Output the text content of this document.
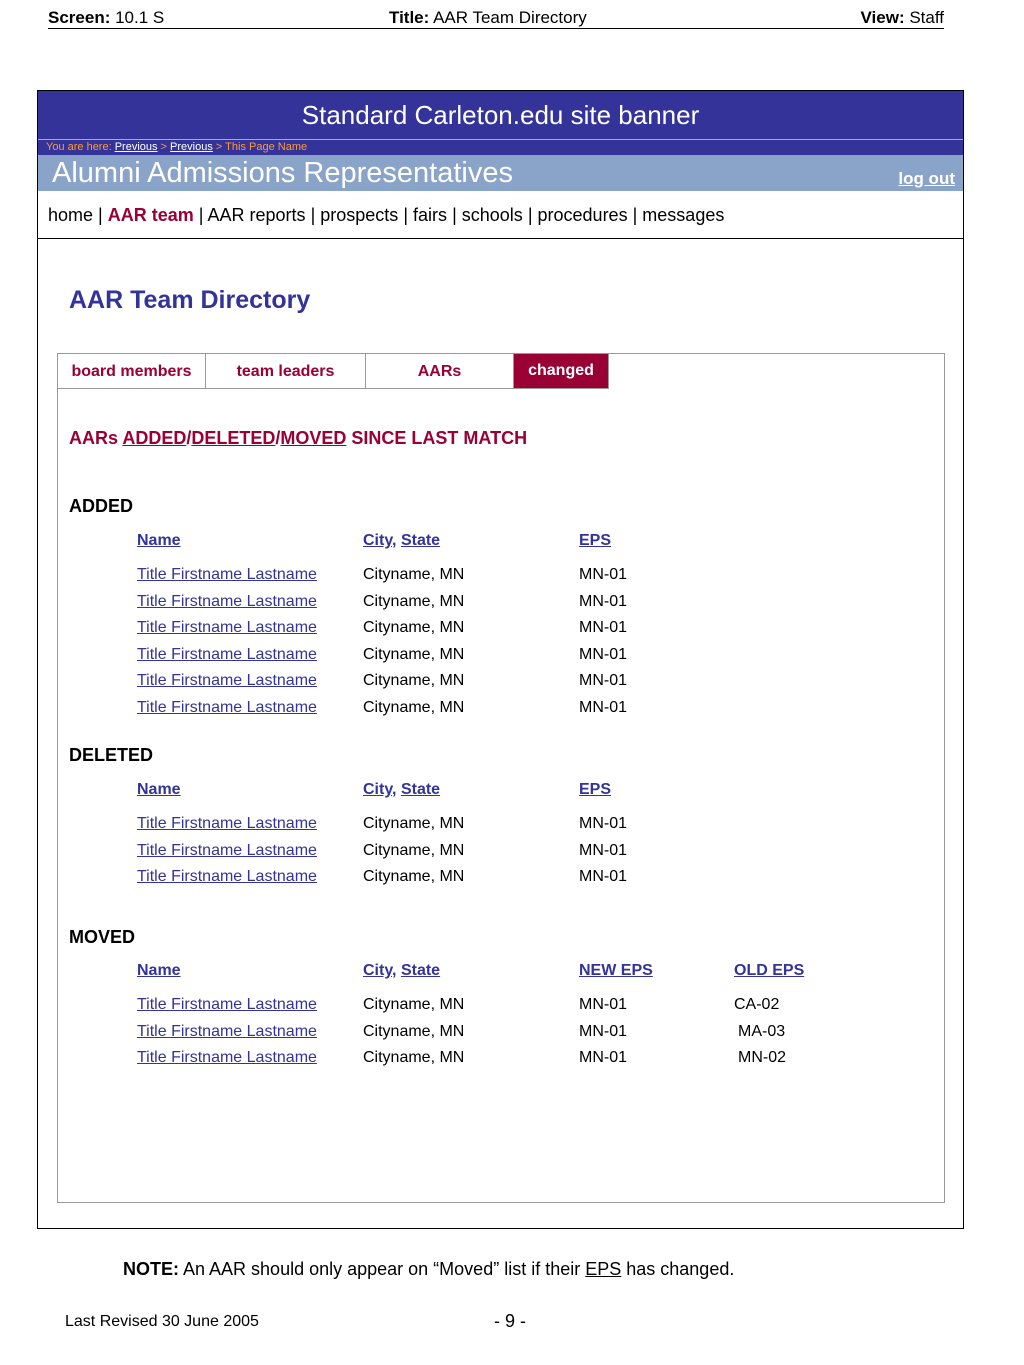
Screen: 10.1 S	Title: AAR Team Directory	View: Staff
Standard Carleton.edu site banner
You are here: Previous > Previous > This Page Name
Alumni Admissions Representatives	log out
home | AAR team | AAR reports | prospects | fairs | schools | procedures | messages
AAR Team Directory
board members	team leaders	AARs	changed
AARs ADDED/DELETED/MOVED SINCE LAST MATCH
ADDED
Name	City, State	EPS
Title Firstname Lastname	Cityname, MN	MN-01
Title Firstname Lastname	Cityname, MN	MN-01
Title Firstname Lastname	Cityname, MN	MN-01
Title Firstname Lastname	Cityname, MN	MN-01
Title Firstname Lastname	Cityname, MN	MN-01
Title Firstname Lastname	Cityname, MN	MN-01
DELETED
Name	City, State	EPS
Title Firstname Lastname	Cityname, MN	MN-01
Title Firstname Lastname	Cityname, MN	MN-01
Title Firstname Lastname	Cityname, MN	MN-01
MOVED
Name	City, State	NEW EPS	OLD EPS
Title Firstname Lastname	Cityname, MN	MN-01	CA-02
Title Firstname Lastname	Cityname, MN	MN-01	MA-03
Title Firstname Lastname	Cityname, MN	MN-01	MN-02
NOTE: An AAR should only appear on “Moved” list if their EPS has changed.
Last Revised 30 June 2005	- 9 -
